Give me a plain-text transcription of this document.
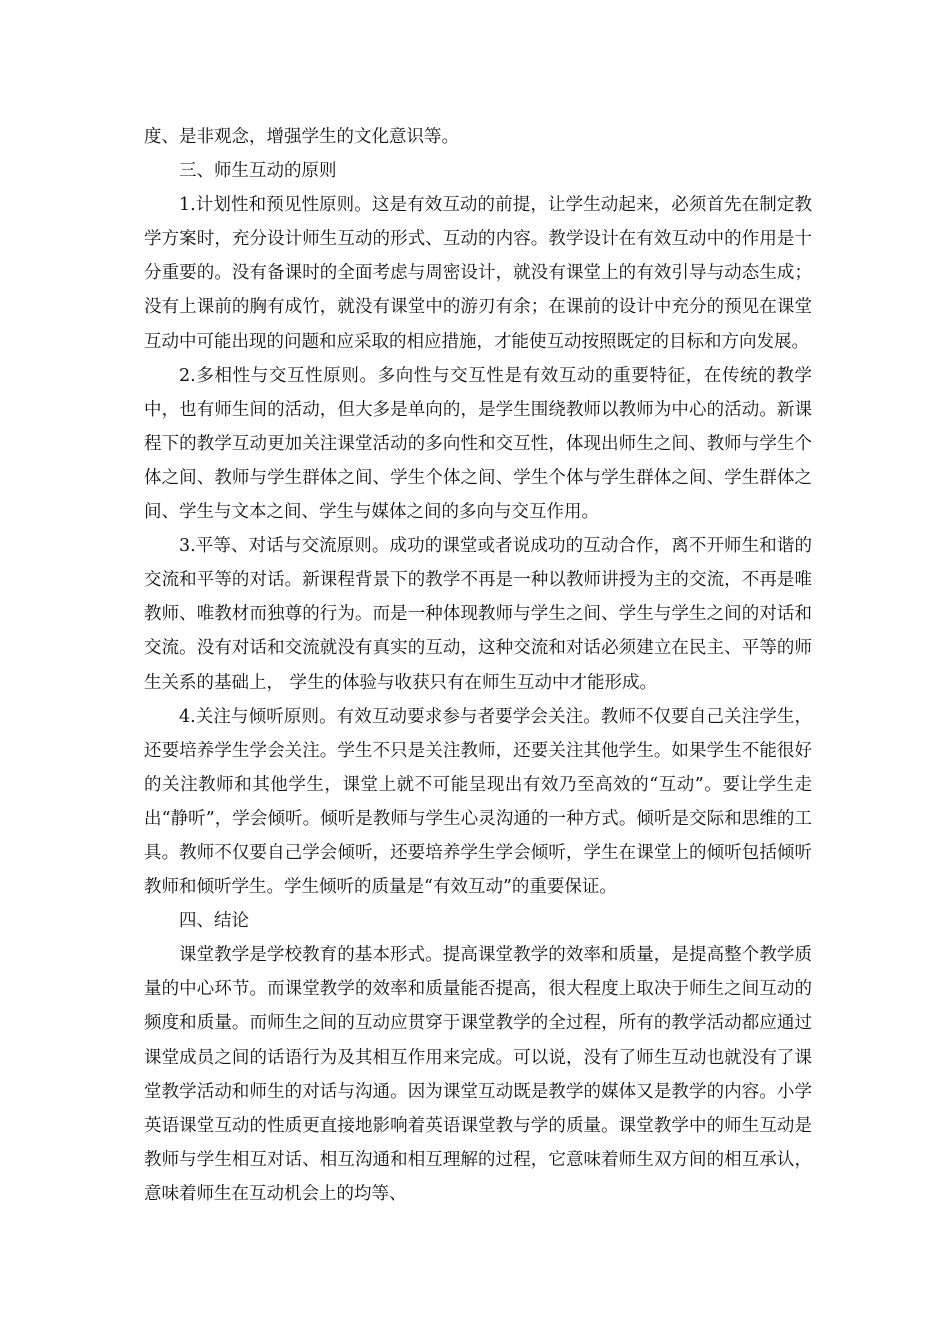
度、是非观念，增强学生的文化意识等。

三、师生互动的原则

1.计划性和预见性原则。这是有效互动的前提，让学生动起来，必须首先在制定教学方案时，充分设计师生互动的形式、互动的内容。教学设计在有效互动中的作用是十分重要的。没有备课时的全面考虑与周密设计，就没有课堂上的有效引导与动态生成；没有上课前的胸有成竹，就没有课堂中的游刃有余；在课前的设计中充分的预见在课堂互动中可能出现的问题和应采取的相应措施，才能使互动按照既定的目标和方向发展。

2.多相性与交互性原则。多向性与交互性是有效互动的重要特征，在传统的教学中，也有师生间的活动，但大多是单向的，是学生围绕教师以教师为中心的活动。新课程下的教学互动更加关注课堂活动的多向性和交互性，体现出师生之间、教师与学生个体之间、教师与学生群体之间、学生个体之间、学生个体与学生群体之间、学生群体之间、学生与文本之间、学生与媒体之间的多向与交互作用。

3.平等、对话与交流原则。成功的课堂或者说成功的互动合作，离不开师生和谐的交流和平等的对话。新课程背景下的教学不再是一种以教师讲授为主的交流，不再是唯教师、唯教材而独尊的行为。而是一种体现教师与学生之间、学生与学生之间的对话和交流。没有对话和交流就没有真实的互动，这种交流和对话必须建立在民主、平等的师生关系的基础上， 学生的体验与收获只有在师生互动中才能形成。

4.关注与倾听原则。有效互动要求参与者要学会关注。教师不仅要自己关注学生，还要培养学生学会关注。学生不只是关注教师，还要关注其他学生。如果学生不能很好的关注教师和其他学生，课堂上就不可能呈现出有效乃至高效的“互动”。要让学生走出“静听”，学会倾听。倾听是教师与学生心灵沟通的一种方式。倾听是交际和思维的工具。教师不仅要自己学会倾听，还要培养学生学会倾听，学生在课堂上的倾听包括倾听教师和倾听学生。学生倾听的质量是“有效互动”的重要保证。

四、结论

课堂教学是学校教育的基本形式。提高课堂教学的效率和质量，是提高整个教学质量的中心环节。而课堂教学的效率和质量能否提高，很大程度上取决于师生之间互动的频度和质量。而师生之间的互动应贯穿于课堂教学的全过程，所有的教学活动都应通过课堂成员之间的话语行为及其相互作用来完成。可以说，没有了师生互动也就没有了课堂教学活动和师生的对话与沟通。因为课堂互动既是教学的媒体又是教学的内容。小学英语课堂互动的性质更直接地影响着英语课堂教与学的质量。课堂教学中的师生互动是教师与学生相互对话、相互沟通和相互理解的过程，它意味着师生双方间的相互承认，意味着师生在互动机会上的均等、
